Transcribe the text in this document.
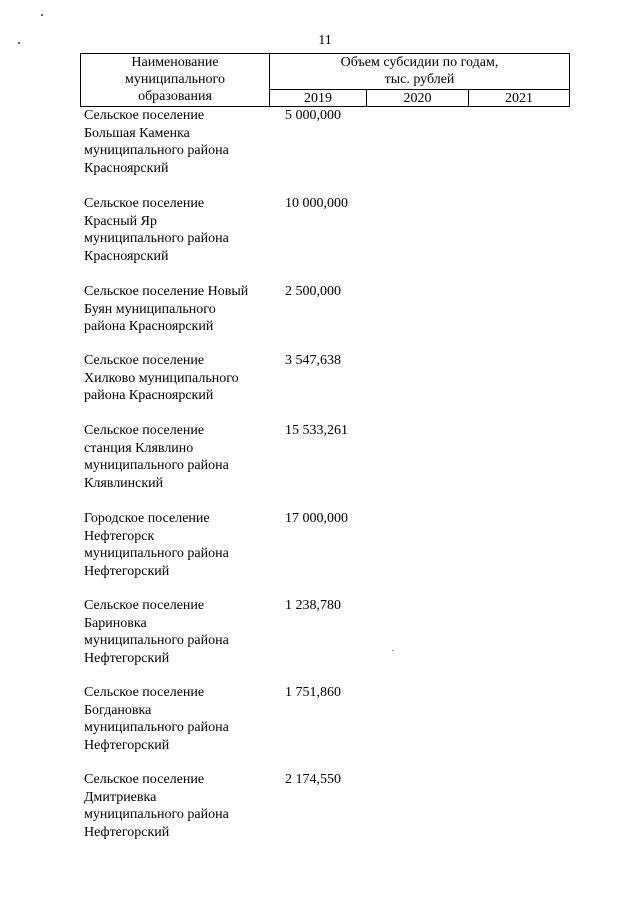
11
Наименование
муниципального
образования
Объем субсидии по годам,
тыс. рублей
2019	2020	2021
Сельское поселение
Большая Каменка
муниципального района
Красноярский
5 000,000
Сельское поселение
Красный Яр
муниципального района
Красноярский
10 000,000
Сельское поселение Новый
Буян муниципального
района Красноярский
2 500,000
Сельское поселение
Хилково муниципального
района Красноярский
3 547,638
Сельское поселение
станция Клявлино
муниципального района
Клявлинский
15 533,261
Городское поселение
Нефтегорск
муниципального района
Нефтегорский
17 000,000
Сельское поселение
Бариновка
муниципального района
Нефтегорский
1 238,780
Сельское поселение
Богдановка
муниципального района
Нефтегорский
1 751,860
Сельское поселение
Дмитриевка
муниципального района
Нефтегорский
2 174,550
